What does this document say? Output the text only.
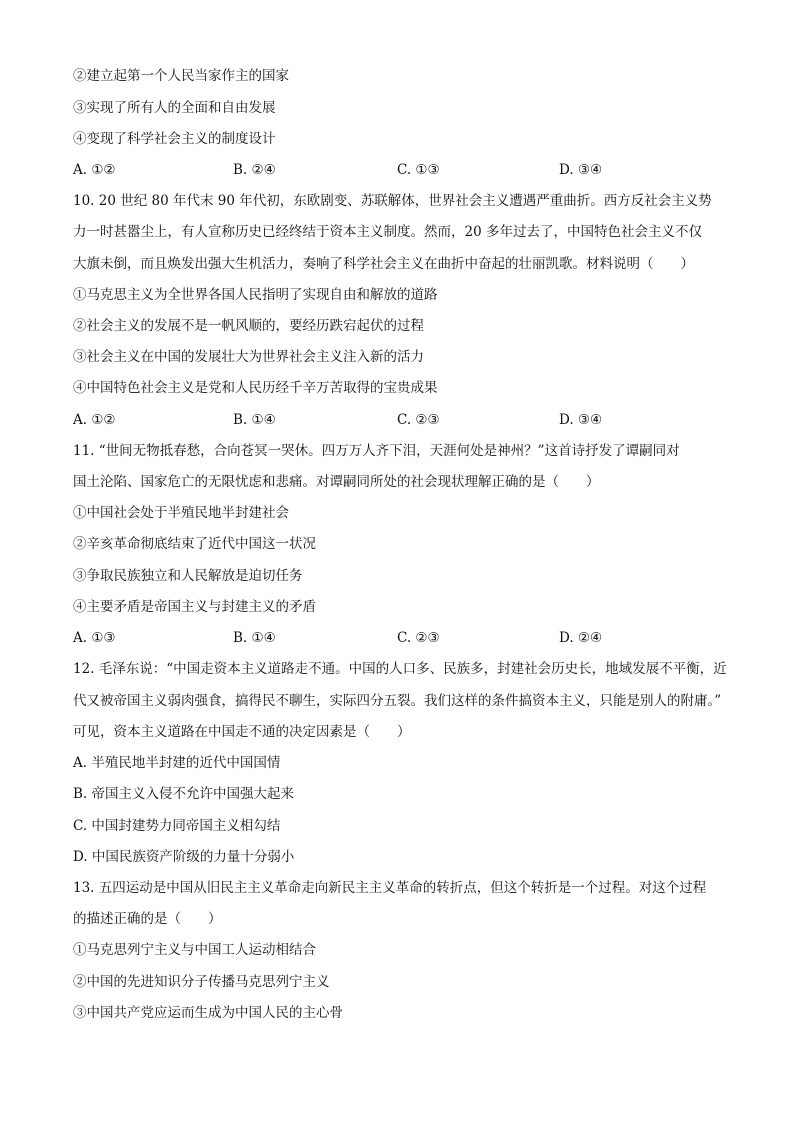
②建立起第一个人民当家作主的国家
③实现了所有人的全面和自由发展
④变现了科学社会主义的制度设计
A. ①②	B. ②④	C. ①③	D. ③④
10. 20 世纪 80 年代末 90 年代初，东欧剧变、苏联解体，世界社会主义遭遇严重曲折。西方反社会主义势
力一时甚嚣尘上，有人宣称历史已经终结于资本主义制度。然而，20 多年过去了，中国特色社会主义不仅
大旗未倒，而且焕发出强大生机活力，奏响了科学社会主义在曲折中奋起的壮丽凯歌。材料说明（　　）
①马克思主义为全世界各国人民指明了实现自由和解放的道路
②社会主义的发展不是一帆风顺的，要经历跌宕起伏的过程
③社会主义在中国的发展壮大为世界社会主义注入新的活力
④中国特色社会主义是党和人民历经千辛万苦取得的宝贵成果
A. ①②	B. ①④	C. ②③	D. ③④
11. “世间无物抵春愁，合向苍冥一哭休。四万万人齐下泪，天涯何处是神州？”这首诗抒发了谭嗣同对
国土沦陷、国家危亡的无限忧虑和悲痛。对谭嗣同所处的社会现状理解正确的是（　　）
①中国社会处于半殖民地半封建社会
②辛亥革命彻底结束了近代中国这一状况
③争取民族独立和人民解放是迫切任务
④主要矛盾是帝国主义与封建主义的矛盾
A. ①③	B. ①④	C. ②③	D. ②④
12. 毛泽东说：“中国走资本主义道路走不通。中国的人口多、民族多，封建社会历史长，地域发展不平衡，近
代又被帝国主义弱肉强食，搞得民不聊生，实际四分五裂。我们这样的条件搞资本主义，只能是别人的附庸。”
可见，资本主义道路在中国走不通的决定因素是（　　）
A. 半殖民地半封建的近代中国国情
B. 帝国主义入侵不允许中国强大起来
C. 中国封建势力同帝国主义相勾结
D. 中国民族资产阶级的力量十分弱小
13. 五四运动是中国从旧民主主义革命走向新民主主义革命的转折点，但这个转折是一个过程。对这个过程
的描述正确的是（　　）
①马克思列宁主义与中国工人运动相结合
②中国的先进知识分子传播马克思列宁主义
③中国共产党应运而生成为中国人民的主心骨
